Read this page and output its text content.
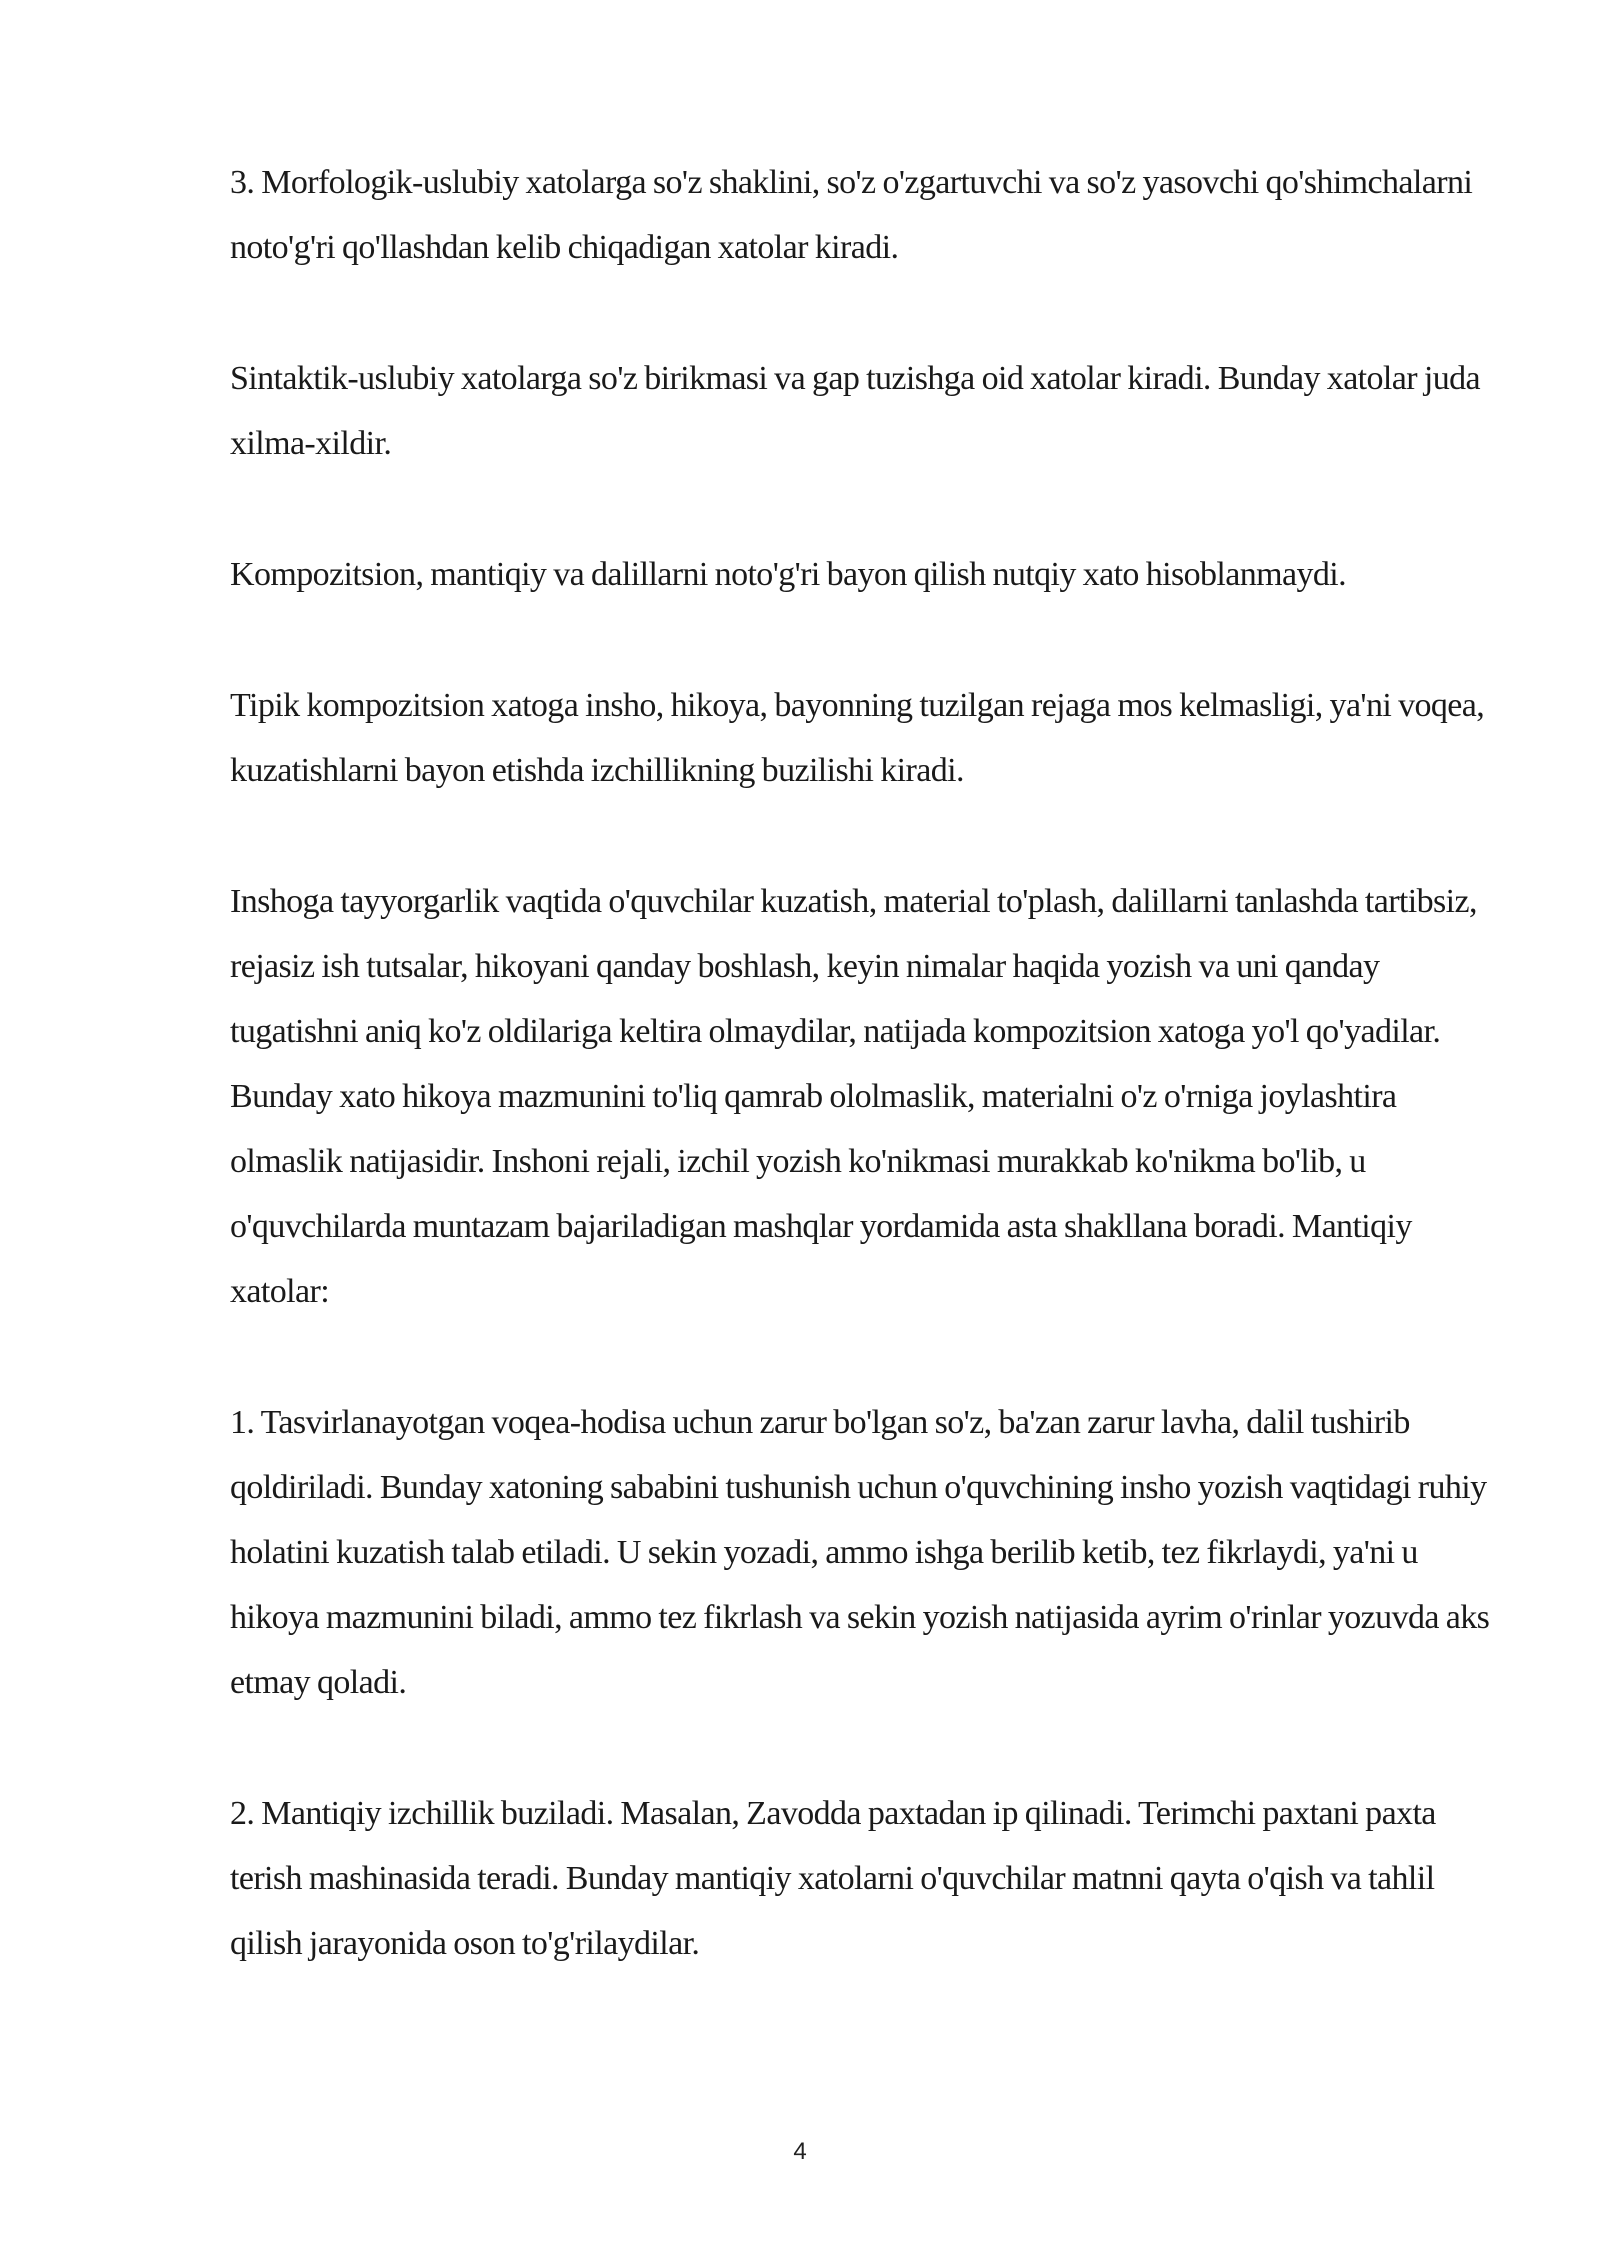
3. Morfologik-uslubiy xatolarga so'z shaklini, so'z o'zgartuvchi va so'z yasovchi qo'shimchalarni noto'g'ri qo'llashdan kelib chiqadigan xatolar kiradi.

Sintaktik-uslubiy xatolarga so'z birikmasi va gap tuzishga oid xatolar kiradi. Bunday xatolar juda xilma-xildir.

Kompozitsion, mantiqiy va dalillarni noto'g'ri bayon qilish nutqiy xato hisoblanmaydi.

Tipik kompozitsion xatoga insho, hikoya, bayonning tuzilgan rejaga mos kelmasligi, ya'ni voqea, kuzatishlarni bayon etishda izchillikning buzilishi kiradi.

Inshoga tayyorgarlik vaqtida o'quvchilar kuzatish, material to'plash, dalillarni tanlashda tartibsiz, rejasiz ish tutsalar, hikoyani qanday boshlash, keyin nimalar haqida yozish va uni qanday tugatishni aniq ko'z oldilariga keltira olmaydilar, natijada kompozitsion xatoga yo'l qo'yadilar. Bunday xato hikoya mazmunini to'liq qamrab ololmaslik, materialni o'z o'rniga joylashtira olmaslik natijasidir. Inshoni rejali, izchil yozish ko'nikmasi murakkab ko'nikma bo'lib, u o'quvchilarda muntazam bajariladigan mashqlar yordamida asta shakllana boradi. Mantiqiy xatolar:

1. Tasvirlanayotgan voqea-hodisa uchun zarur bo'lgan so'z, ba'zan zarur lavha, dalil tushirib qoldiriladi. Bunday xatoning sababini tushunish uchun o'quvchining insho yozish vaqtidagi ruhiy holatini kuzatish talab etiladi. U sekin yozadi, ammo ishga berilib ketib, tez fikrlaydi, ya'ni u hikoya mazmunini biladi, ammo tez fikrlash va sekin yozish natijasida ayrim o'rinlar yozuvda aks etmay qoladi.

2. Mantiqiy izchillik buziladi. Masalan, Zavodda paxtadan ip qilinadi. Terimchi paxtani paxta terish mashinasida teradi. Bunday mantiqiy xatolarni o'quvchilar matnni qayta o'qish va tahlil qilish jarayonida oson to'g'rilaydilar.

4
